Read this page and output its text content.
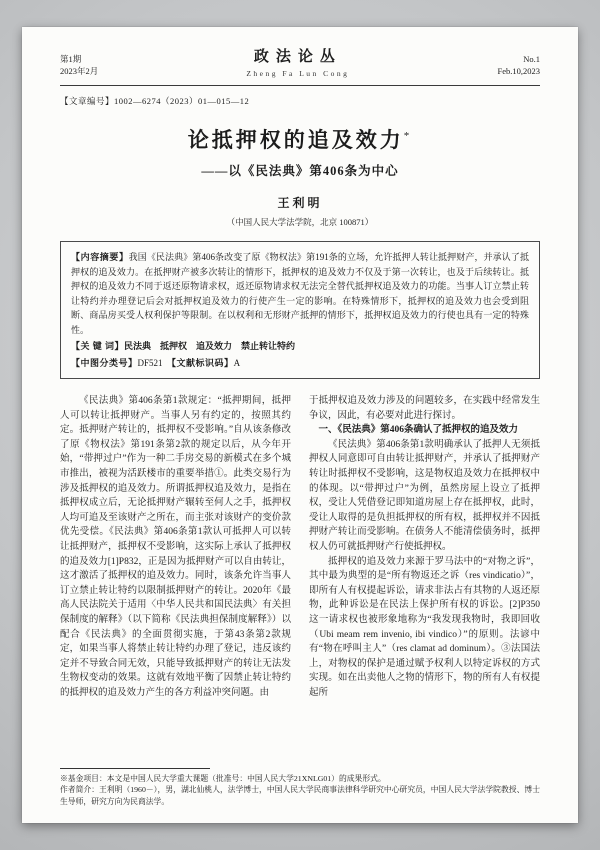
第1期
2023年2月
政法论丛
Zheng Fa Lun Cong
No.1
Feb.10,2023
【文章编号】1002—6274（2023）01—015—12
论抵押权的追及效力*
——以《民法典》第406条为中心
王利明
（中国人民大学法学院，北京 100871）
【内容摘要】我国《民法典》第406条改变了原《物权法》第191条的立场，允许抵押人转让抵押财产，并承认了抵押权的追及效力。在抵押财产被多次转让的情形下，抵押权的追及效力不仅及于第一次转让，也及于后续转让。抵押权的追及效力不同于返还原物请求权，返还原物请求权无法完全替代抵押权追及效力的功能。当事人订立禁止转让特约并办理登记后会对抵押权追及效力的行使产生一定的影响。在特殊情形下，抵押权的追及效力也会受到阻断、商品房买受人权利保护等限制。在以权利和无形财产抵押的情形下，抵押权追及效力的行使也具有一定的特殊性。
【关 键 词】民法典　抵押权　追及效力　禁止转让特约
【中图分类号】DF521　 【文献标识码】A

《民法典》第406条第1款规定：“抵押期间，抵押人可以转让抵押财产。当事人另有约定的，按照其约定。抵押财产转让的，抵押权不受影响。”自从该条修改了原《物权法》第191条第2款的规定以后，从今年开始，“带押过户”作为一种二手房交易的新模式在多个城市推出，被视为活跃楼市的重要举措①。此类交易行为涉及抵押权的追及效力。所谓抵押权追及效力，是指在抵押权成立后，无论抵押财产辗转至何人之手，抵押权人均可追及至该财产之所在，而主张对该财产的变价款优先受偿。《民法典》第406条第1款认可抵押人可以转让抵押财产，抵押权不受影响，这实际上承认了抵押权的追及效力[1]P832，正是因为抵押财产可以自由转让，这才激活了抵押权的追及效力。同时，该条允许当事人订立禁止转让特约以限制抵押财产的转让。2020年《最高人民法院关于适用〈中华人民共和国民法典〉有关担保制度的解释》（以下简称《民法典担保制度解释》）以配合《民法典》的全面贯彻实施，于第43条第2款规定，如果当事人将禁止转让特约办理了登记，违反该约定并不导致合同无效，只能导致抵押财产的转让无法发生物权变动的效果。这就有效地平衡了因禁止转让特约的抵押权的追及效力产生的各方利益冲突问题。由

于抵押权追及效力涉及的问题较多，在实践中经常发生争议，因此，有必要对此进行探讨。

一、《民法典》第406条确认了抵押权的追及效力

《民法典》第406条第1款明确承认了抵押人无须抵押权人同意即可自由转让抵押财产，并承认了抵押财产转让时抵押权不受影响，这是物权追及效力在抵押权中的体现。以“带押过户”为例，虽然房屋上设立了抵押权，受让人凭借登记即知道房屋上存在抵押权，此时，受让人取得的是负担抵押权的所有权，抵押权并不因抵押财产转让而受影响。在债务人不能清偿债务时，抵押权人仍可就抵押财产行使抵押权。

抵押权的追及效力来源于罗马法中的“对物之诉”，其中最为典型的是“所有物返还之诉（res vindicatio）”，即所有人有权提起诉讼，请求非法占有其物的人返还原物，此种诉讼是在民法上保护所有权的诉讼。[2]P350 这一请求权也被形象地称为“我发现我物时，我即回收（Ubi meam rem invenio, ibi vindico）”的原则。法谚中有“物在呼叫主人”（res clamat ad dominum）。③法国法上，对物权的保护是通过赋予权利人以特定诉权的方式实现。如在出卖他人之物的情形下，物的所有人有权提起所

※基金项目：本文是中国人民大学重大课题（批准号：中国人民大学21XNLG01）的成果形式。

作者简介：王利明（1960－），男，湖北仙桃人，法学博士，中国人民大学民商事法律科学研究中心研究员，中国人民大学法学院教授、博士生导师，研究方向为民商法学。
